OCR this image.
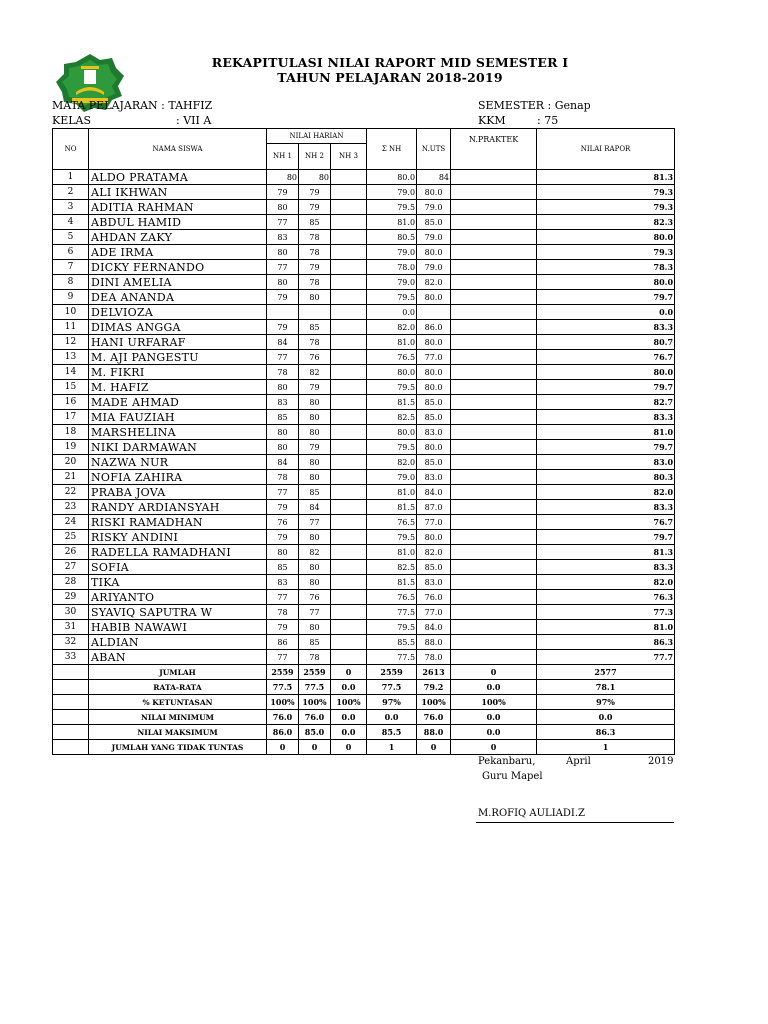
REKAPITULASI NILAI RAPORT MID SEMESTER I
TAHUN PELAJARAN 2018-2019
MATA PELAJARAN : TAHFIZ
KELAS	: VII A
SEMESTER : Genap
KKM	: 75
NO	NAMA SISWA	NILAI HARIAN			Σ NH	N.UTS	N.PRAKTEK	NILAI RAPOR
		NH 1	NH 2	NH 3				
1	ALDO PRATAMA	80	80		80.0	84		81.3
2	ALI IKHWAN	79	79		79.0	80.0		79.3
3	ADITIA RAHMAN	80	79		79.5	79.0		79.3
4	ABDUL HAMID	77	85		81.0	85.0		82.3
5	AHDAN ZAKY	83	78		80.5	79.0		80.0
6	ADE IRMA	80	78		79.0	80.0		79.3
7	DICKY FERNANDO	77	79		78.0	79.0		78.3
8	DINI AMELIA	80	78		79.0	82.0		80.0
9	DEA ANANDA	79	80		79.5	80.0		79.7
10	DELVIOZA				0.0			0.0
11	DIMAS ANGGA	79	85		82.0	86.0		83.3
12	HANI URFARAF	84	78		81.0	80.0		80.7
13	M. AJI PANGESTU	77	76		76.5	77.0		76.7
14	M. FIKRI	78	82		80.0	80.0		80.0
15	M. HAFIZ	80	79		79.5	80.0		79.7
16	MADE AHMAD	83	80		81.5	85.0		82.7
17	MIA FAUZIAH	85	80		82.5	85.0		83.3
18	MARSHELINA	80	80		80.0	83.0		81.0
19	NIKI DARMAWAN	80	79		79.5	80.0		79.7
20	NAZWA NUR	84	80		82.0	85.0		83.0
21	NOFIA ZAHIRA	78	80		79.0	83.0		80.3
22	PRABA JOVA	77	85		81.0	84.0		82.0
23	RANDY ARDIANSYAH	79	84		81.5	87.0		83.3
24	RISKI RAMADHAN	76	77		76.5	77.0		76.7
25	RISKY ANDINI	79	80		79.5	80.0		79.7
26	RADELLA RAMADHANI	80	82		81.0	82.0		81.3
27	SOFIA	85	80		82.5	85.0		83.3
28	TIKA	83	80		81.5	83.0		82.0
29	ARIYANTO	77	76		76.5	76.0		76.3
30	SYAVIQ SAPUTRA W	78	77		77.5	77.0		77.3
31	HABIB NAWAWI	79	80		79.5	84.0		81.0
32	ALDIAN	86	85		85.5	88.0		86.3
33	ABAN	77	78		77.5	78.0		77.7
	JUMLAH	2559	2559	0	2559	2613	0	2577
	RATA-RATA	77.5	77.5	0.0	77.5	79.2	0.0	78.1
	% KETUNTASAN	100%	100%	100%	97%	100%	100%	97%
	NILAI MINIMUM	76.0	76.0	0.0	0.0	76.0	0.0	0.0
	NILAI MAKSIMUM	86.0	85.0	0.0	85.5	88.0	0.0	86.3
	JUMLAH YANG TIDAK TUNTAS	0	0	0	1	0	0	1
Pekanbaru,	April	2019
Guru Mapel
M.ROFIQ AULIADI.Z
